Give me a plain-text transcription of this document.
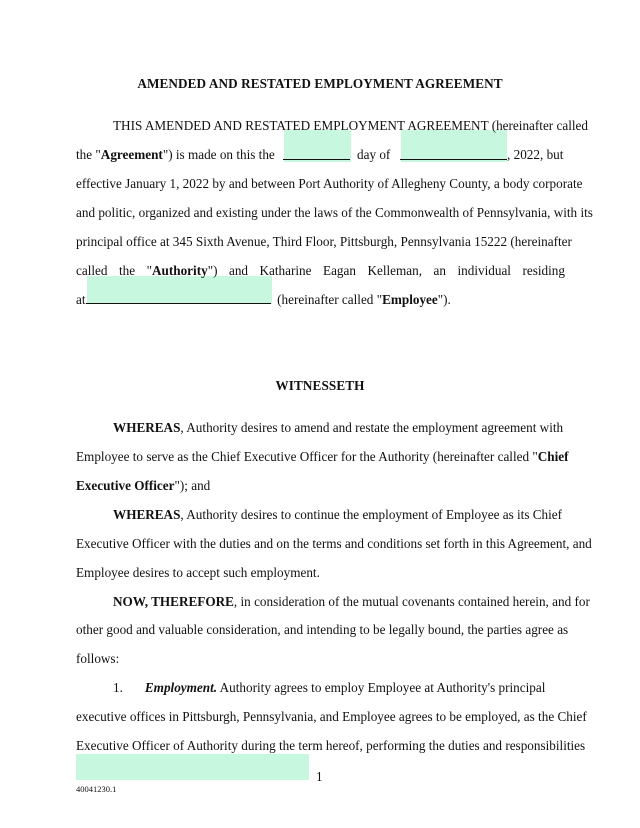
AMENDED AND RESTATED EMPLOYMENT AGREEMENT
THIS AMENDED AND RESTATED EMPLOYMENT AGREEMENT (hereinafter called
the "Agreement") is made on this the	day of	, 2022, but
effective January 1, 2022 by and between Port Authority of Allegheny County, a body corporate
and politic, organized and existing under the laws of the Commonwealth of Pennsylvania, with its
principal office at 345 Sixth Avenue, Third Floor, Pittsburgh, Pennsylvania 15222 (hereinafter
called the "Authority") and Katharine Eagan Kelleman, an individual residing
at	(hereinafter called "Employee").
WITNESSETH
WHEREAS, Authority desires to amend and restate the employment agreement with
Employee to serve as the Chief Executive Officer for the Authority (hereinafter called "Chief
Executive Officer"); and
WHEREAS, Authority desires to continue the employment of Employee as its Chief
Executive Officer with the duties and on the terms and conditions set forth in this Agreement, and
Employee desires to accept such employment.
NOW, THEREFORE, in consideration of the mutual covenants contained herein, and for
other good and valuable consideration, and intending to be legally bound, the parties agree as
follows:
1. Employment. Authority agrees to employ Employee at Authority's principal
executive offices in Pittsburgh, Pennsylvania, and Employee agrees to be employed, as the Chief
Executive Officer of Authority during the term hereof, performing the duties and responsibilities
1
40041230.1
